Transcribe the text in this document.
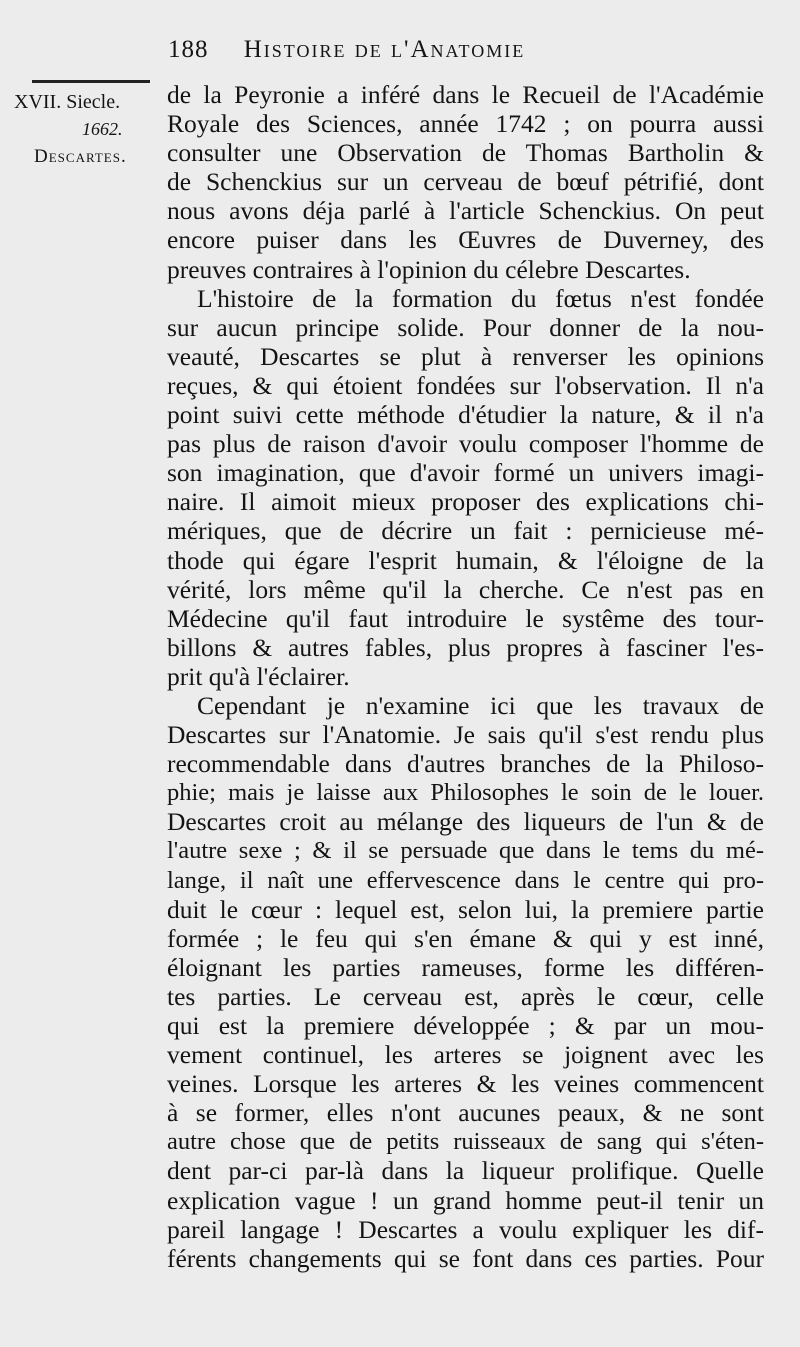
188 Histoire de l'Anatomie
XVII. Siecle.
1662.
Descartes.
de la Peyronie a inféré dans le Recueil de l'Académie
Royale des Sciences, année 1742 ; on pourra aussi
consulter une Observation de Thomas Bartholin &
de Schenckius sur un cerveau de bœuf pétrifié, dont
nous avons déja parlé à l'article Schenckius. On peut
encore puiser dans les Œuvres de Duverney, des
preuves contraires à l'opinion du célebre Descartes.
L'histoire de la formation du fœtus n'est fondée
sur aucun principe solide. Pour donner de la nou-
veauté, Descartes se plut à renverser les opinions
reçues, & qui étoient fondées sur l'observation. Il n'a
point suivi cette méthode d'étudier la nature, & il n'a
pas plus de raison d'avoir voulu composer l'homme de
son imagination, que d'avoir formé un univers imagi-
naire. Il aimoit mieux proposer des explications chi-
mériques, que de décrire un fait : pernicieuse mé-
thode qui égare l'esprit humain, & l'éloigne de la
vérité, lors même qu'il la cherche. Ce n'est pas en
Médecine qu'il faut introduire le systême des tour-
billons & autres fables, plus propres à fasciner l'es-
prit qu'à l'éclairer.
Cependant je n'examine ici que les travaux de
Descartes sur l'Anatomie. Je sais qu'il s'est rendu plus
recommendable dans d'autres branches de la Philoso-
phie; mais je laisse aux Philosophes le soin de le louer.
Descartes croit au mélange des liqueurs de l'un & de
l'autre sexe ; & il se persuade que dans le tems du mé-
lange, il naît une effervescence dans le centre qui pro-
duit le cœur : lequel est, selon lui, la premiere partie
formée ; le feu qui s'en émane & qui y est inné,
éloignant les parties rameuses, forme les différen-
tes parties. Le cerveau est, après le cœur, celle
qui est la premiere développée ; & par un mou-
vement continuel, les arteres se joignent avec les
veines. Lorsque les arteres & les veines commencent
à se former, elles n'ont aucunes peaux, & ne sont
autre chose que de petits ruisseaux de sang qui s'éten-
dent par-ci par-là dans la liqueur prolifique. Quelle
explication vague ! un grand homme peut-il tenir un
pareil langage ! Descartes a voulu expliquer les dif-
férents changements qui se font dans ces parties. Pour
